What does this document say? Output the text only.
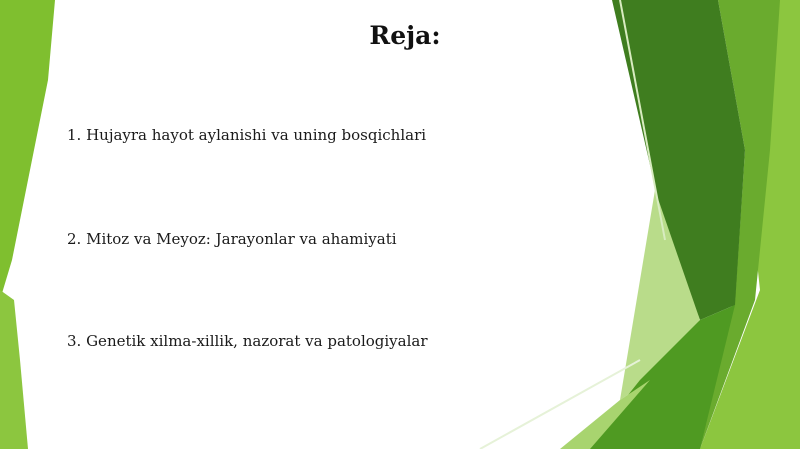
Reja:
1. Hujayra hayot aylanishi va uning bosqichlari
2. Mitoz va Meyoz: Jarayonlar va ahamiyati
3. Genetik xilma-xillik, nazorat va patologiyalar
